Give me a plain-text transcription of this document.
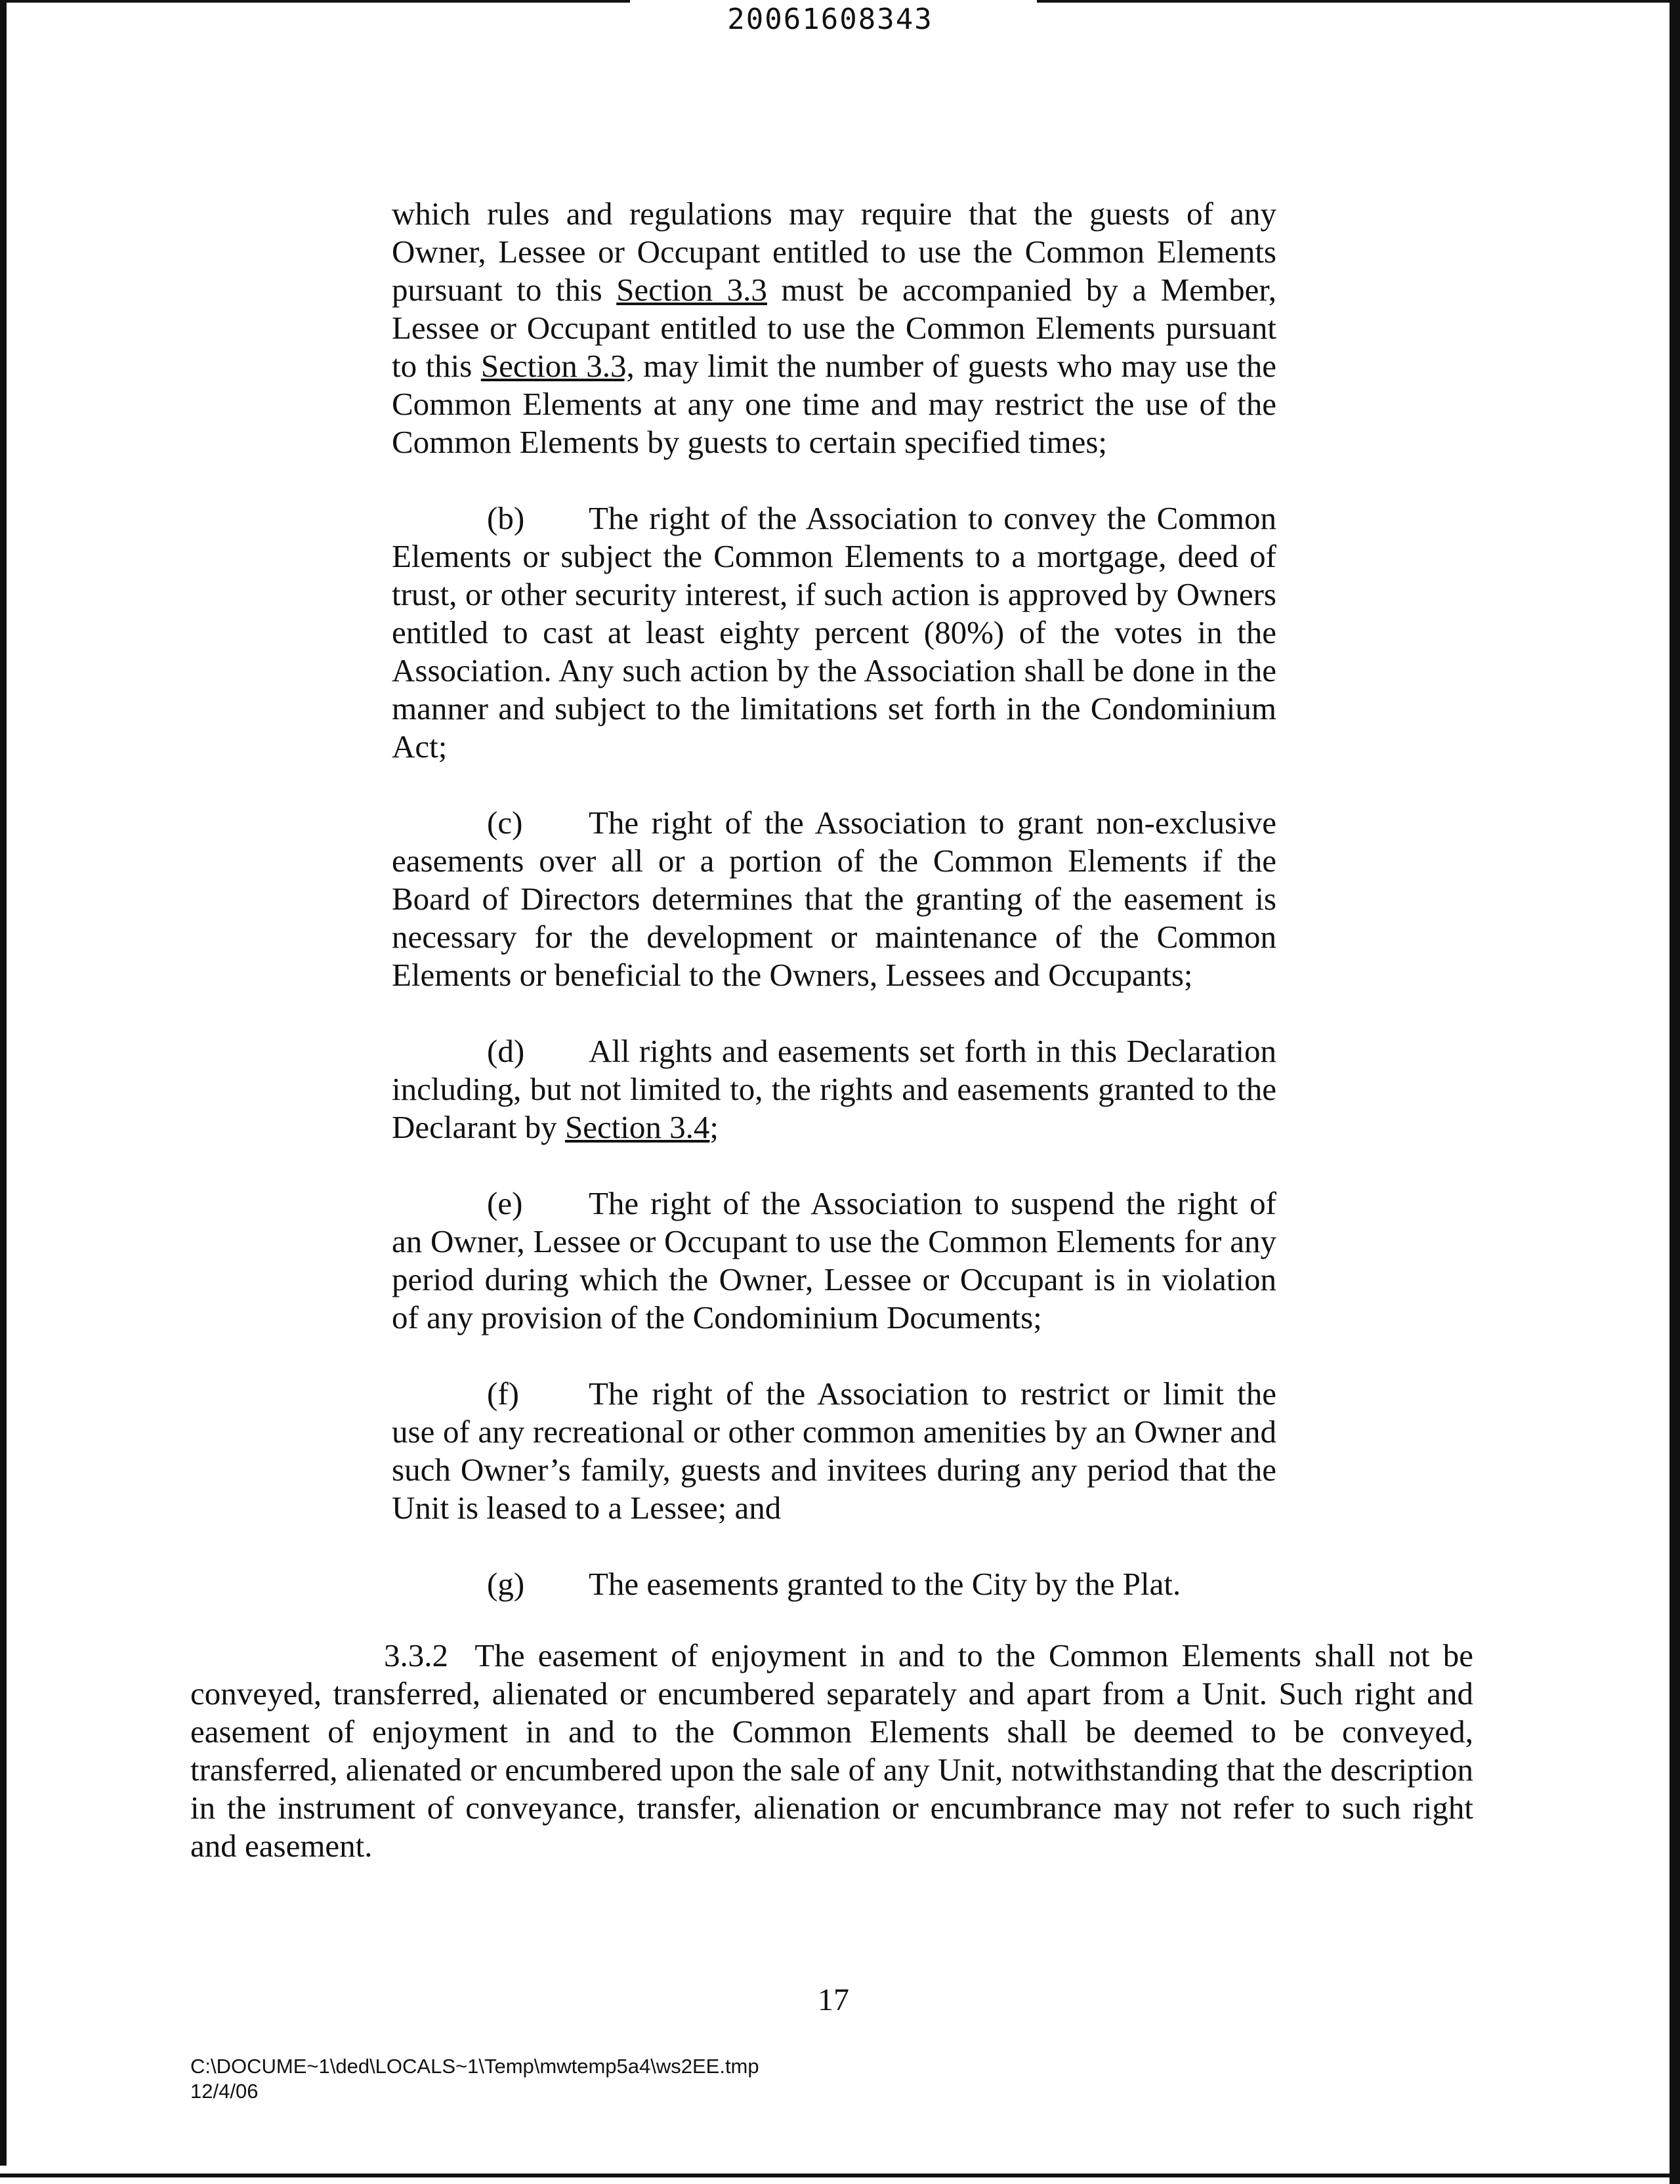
20061608343

which rules and regulations may require that the guests of any Owner, Lessee or Occupant entitled to use the Common Elements pursuant to this Section 3.3 must be accompanied by a Member, Lessee or Occupant entitled to use the Common Elements pursuant to this Section 3.3, may limit the number of guests who may use the Common Elements at any one time and may restrict the use of the Common Elements by guests to certain specified times;

(b) The right of the Association to convey the Common Elements or subject the Common Elements to a mortgage, deed of trust, or other security interest, if such action is approved by Owners entitled to cast at least eighty percent (80%) of the votes in the Association. Any such action by the Association shall be done in the manner and subject to the limitations set forth in the Condominium Act;

(c) The right of the Association to grant non-exclusive easements over all or a portion of the Common Elements if the Board of Directors determines that the granting of the easement is necessary for the development or maintenance of the Common Elements or beneficial to the Owners, Lessees and Occupants;

(d) All rights and easements set forth in this Declaration including, but not limited to, the rights and easements granted to the Declarant by Section 3.4;

(e) The right of the Association to suspend the right of an Owner, Lessee or Occupant to use the Common Elements for any period during which the Owner, Lessee or Occupant is in violation of any provision of the Condominium Documents;

(f) The right of the Association to restrict or limit the use of any recreational or other common amenities by an Owner and such Owner’s family, guests and invitees during any period that the Unit is leased to a Lessee; and

(g) The easements granted to the City by the Plat.

3.3.2 The easement of enjoyment in and to the Common Elements shall not be conveyed, transferred, alienated or encumbered separately and apart from a Unit. Such right and easement of enjoyment in and to the Common Elements shall be deemed to be conveyed, transferred, alienated or encumbered upon the sale of any Unit, notwithstanding that the description in the instrument of conveyance, transfer, alienation or encumbrance may not refer to such right and easement.

17
C:\DOCUME~1\ded\LOCALS~1\Temp\mwtemp5a4\ws2EE.tmp
12/4/06
